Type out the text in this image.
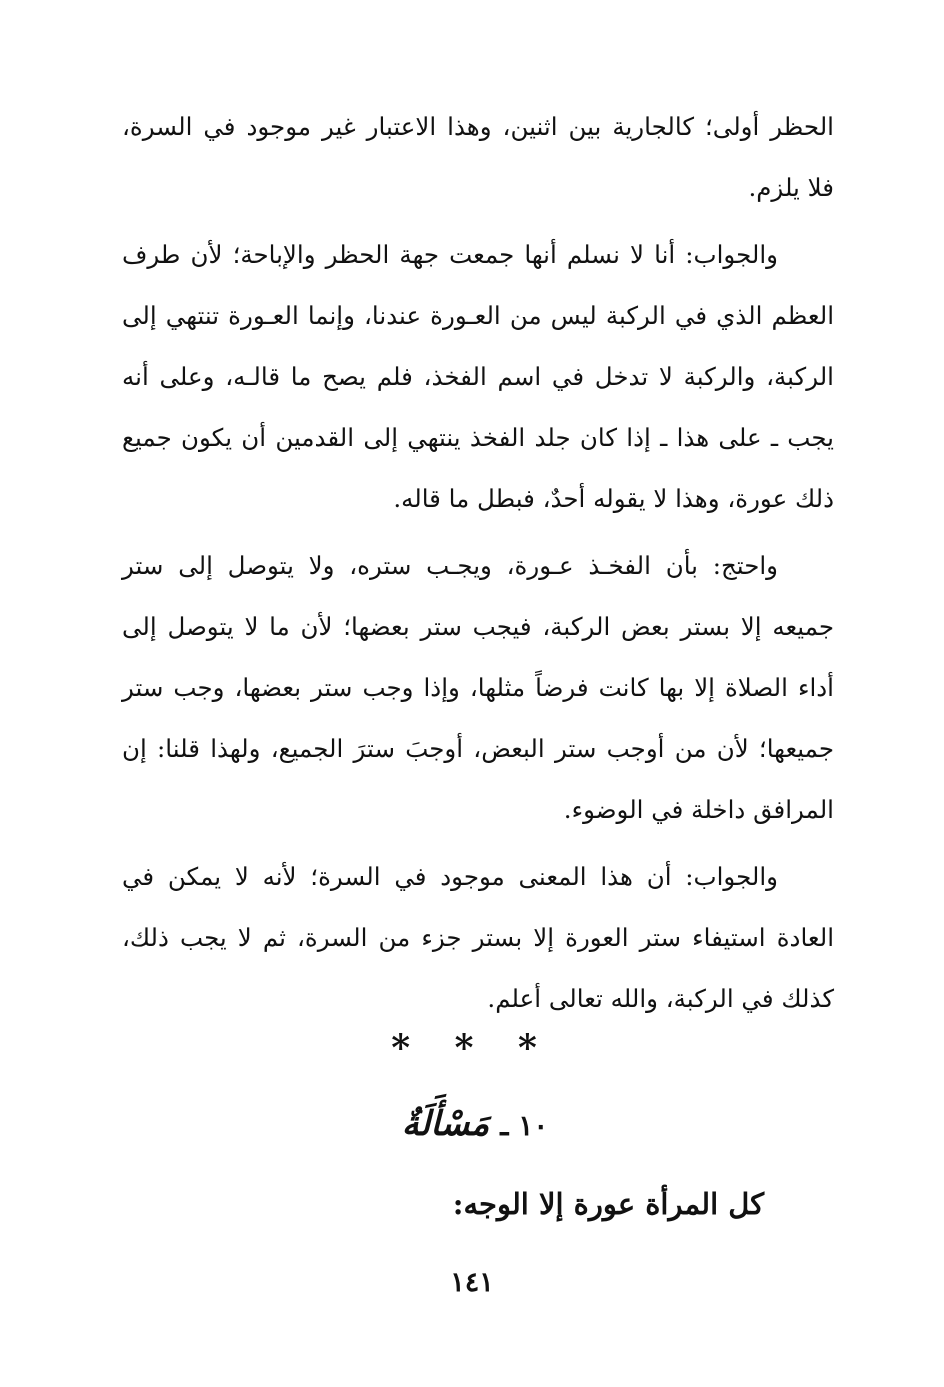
الحظر أولى؛ كالجارية بين اثنين، وهذا الاعتبار غير موجود في السرة، فلا يلزم.

والجواب: أنا لا نسلم أنها جمعت جهة الحظر والإباحة؛ لأن طرف العظم الذي في الركبة ليس من العـورة عندنا، وإنما العـورة تنتهي إلى الركبة، والركبة لا تدخل في اسم الفخذ، فلم يصح ما قالـه، وعلى أنه يجب ـ على هذا ـ إذا كان جلد الفخذ ينتهي إلى القدمين أن يكون جميع ذلك عورة، وهذا لا يقوله أحدٌ، فبطل ما قاله.

واحتج: بأن الفخـذ عـورة، ويجـب ستره، ولا يتوصل إلى ستر جميعه إلا بستر بعض الركبة، فيجب ستر بعضها؛ لأن ما لا يتوصل إلى أداء الصلاة إلا بها كانت فرضاً مثلها، وإذا وجب ستر بعضها، وجب ستر جميعها؛ لأن من أوجب ستر البعض، أوجبَ سترَ الجميع، ولهذا قلنا: إن المرافق داخلة في الوضوء.

والجواب: أن هذا المعنى موجود في السرة؛ لأنه لا يمكن في العادة استيفاء ستر العورة إلا بستر جزء من السرة، ثم لا يجب ذلك، كذلك في الركبة، والله تعالى أعلم.

* * *
١٠ ـ مَسْأَلَةٌ
كل المرأة عورة إلا الوجه:
١٤١
